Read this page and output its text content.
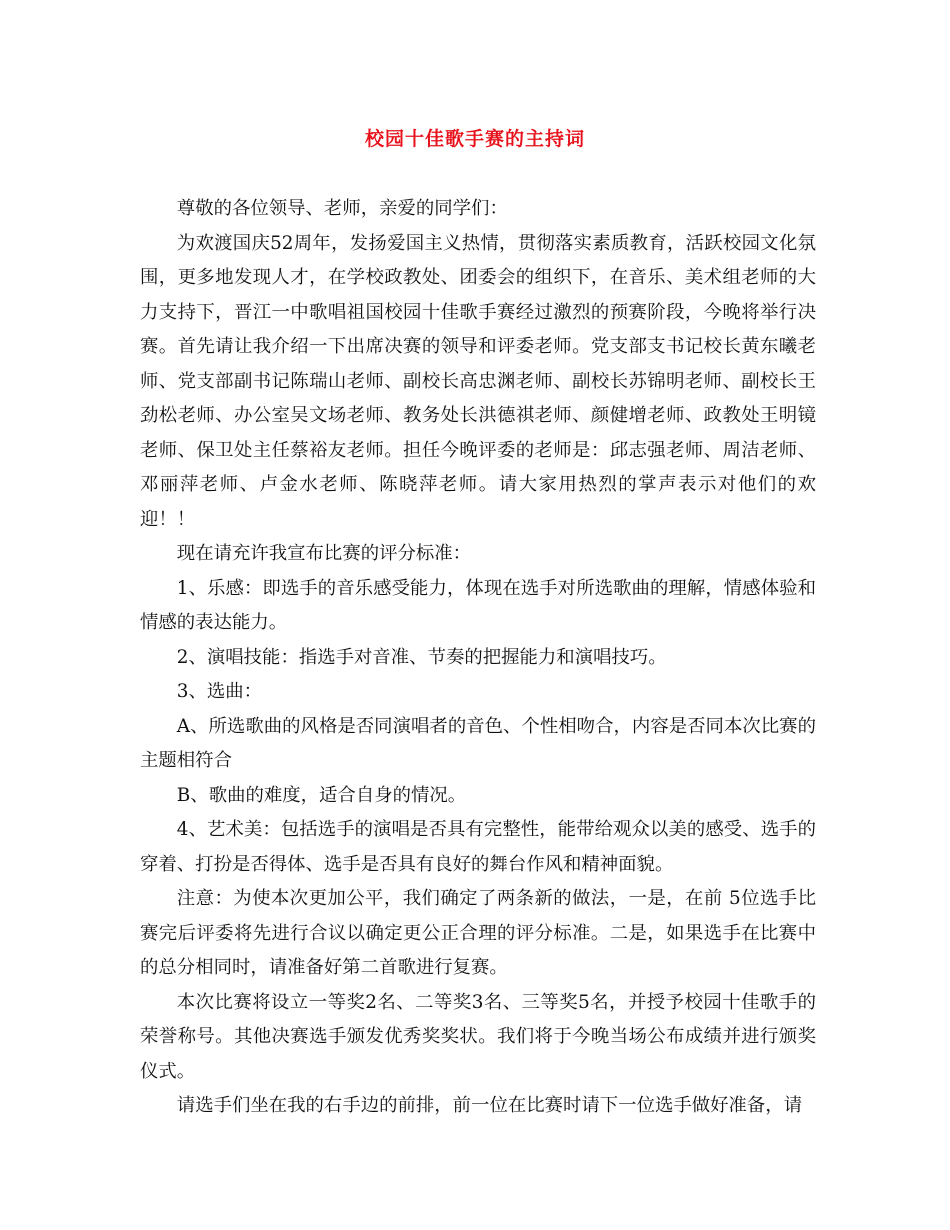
校园十佳歌手赛的主持词

尊敬的各位领导、老师，亲爱的同学们：

为欢渡国庆52周年，发扬爱国主义热情，贯彻落实素质教育，活跃校园文化氛围，更多地发现人才，在学校政教处、团委会的组织下，在音乐、美术组老师的大力支持下，晋江一中歌唱祖国校园十佳歌手赛经过激烈的预赛阶段，今晚将举行决赛。首先请让我介绍一下出席决赛的领导和评委老师。党支部支书记校长黄东曦老师、党支部副书记陈瑞山老师、副校长高忠渊老师、副校长苏锦明老师、副校长王劲松老师、办公室吴文场老师、教务处长洪德祺老师、颜健增老师、政教处王明镜老师、保卫处主任蔡裕友老师。担任今晚评委的老师是：邱志强老师、周洁老师、邓丽萍老师、卢金水老师、陈晓萍老师。请大家用热烈的掌声表示对他们的欢迎！！

现在请充许我宣布比赛的评分标准：

1、乐感：即选手的音乐感受能力，体现在选手对所选歌曲的理解，情感体验和情感的表达能力。

2、演唱技能：指选手对音准、节奏的把握能力和演唱技巧。

3、选曲：

A、所选歌曲的风格是否同演唱者的音色、个性相吻合，内容是否同本次比赛的主题相符合

B、歌曲的难度，适合自身的情况。

4、艺术美：包括选手的演唱是否具有完整性，能带给观众以美的感受、选手的穿着、打扮是否得体、选手是否具有良好的舞台作风和精神面貌。

注意：为使本次更加公平，我们确定了两条新的做法，一是，在前 5位选手比赛完后评委将先进行合议以确定更公正合理的评分标准。二是，如果选手在比赛中的总分相同时，请准备好第二首歌进行复赛。

本次比赛将设立一等奖2名、二等奖3名、三等奖5名，并授予校园十佳歌手的荣誉称号。其他决赛选手颁发优秀奖奖状。我们将于今晚当场公布成绩并进行颁奖仪式。

请选手们坐在我的右手边的前排，前一位在比赛时请下一位选手做好准备，请
